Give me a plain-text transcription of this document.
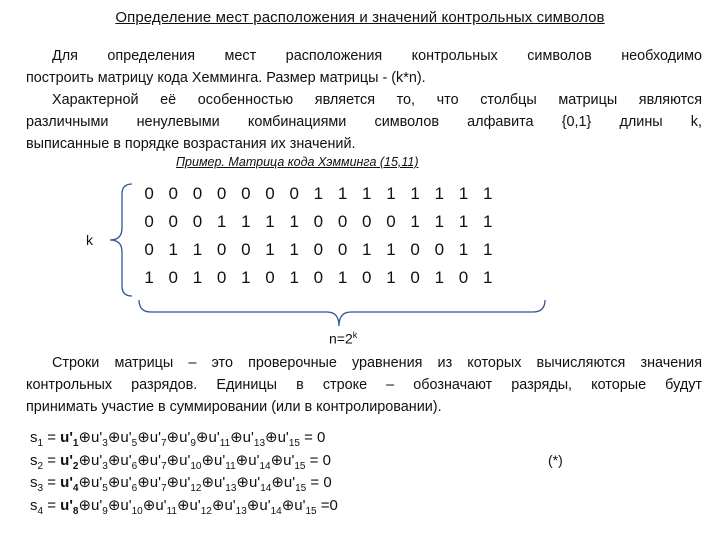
Определение мест расположения и значений контрольных символов
Для определения мест расположения контрольных символов необходимо
построить матрицу кода Хемминга. Размер матрицы - (k*n).
Характерной её особенностью является то, что столбцы матрицы являются
различными ненулевыми комбинациями символов алфавита {0,1} длины k,
выписанные в порядке возрастания их значений.
Пример. Матрица кода Хэмминга (15,11)
0 0 0 0 0 0 0 1 1 1 1 1 1 1 1
0 0 0 1 1 1 1 0 0 0 0 1 1 1 1
0 1 1 0 0 1 1 0 0 1 1 0 0 1 1
1 0 1 0 1 0 1 0 1 0 1 0 1 0 1
k
$n=2^k$
Строки матрицы – это проверочные уравнения из которых вычисляются значения
контрольных разрядов. Единицы в строке – обозначают разряды, которые будут
принимать участие в суммировании (или в контролировании).
$s_1$ = $u'_1\oplus u'_3\oplus u'_5\oplus u'_7\oplus u'_9\oplus u'_{11}\oplus u'_{13}\oplus u'_{15} = 0$
$s_2$ = $u'_2\oplus u'_3\oplus u'_6\oplus u'_7\oplus u'_{10}\oplus u'_{11}\oplus u'_{14}\oplus u'_{15} = 0$
$s_3$ = $u'_4\oplus u'_5\oplus u'_6\oplus u'_7\oplus u'_{12}\oplus u'_{13}\oplus u'_{14}\oplus u'_{15} = 0$
$s_4$ = $u'_8\oplus u'_9\oplus u'_{10}\oplus u'_{11}\oplus u'_{12}\oplus u'_{13}\oplus u'_{14}\oplus u'_{15} =0$
(*)
